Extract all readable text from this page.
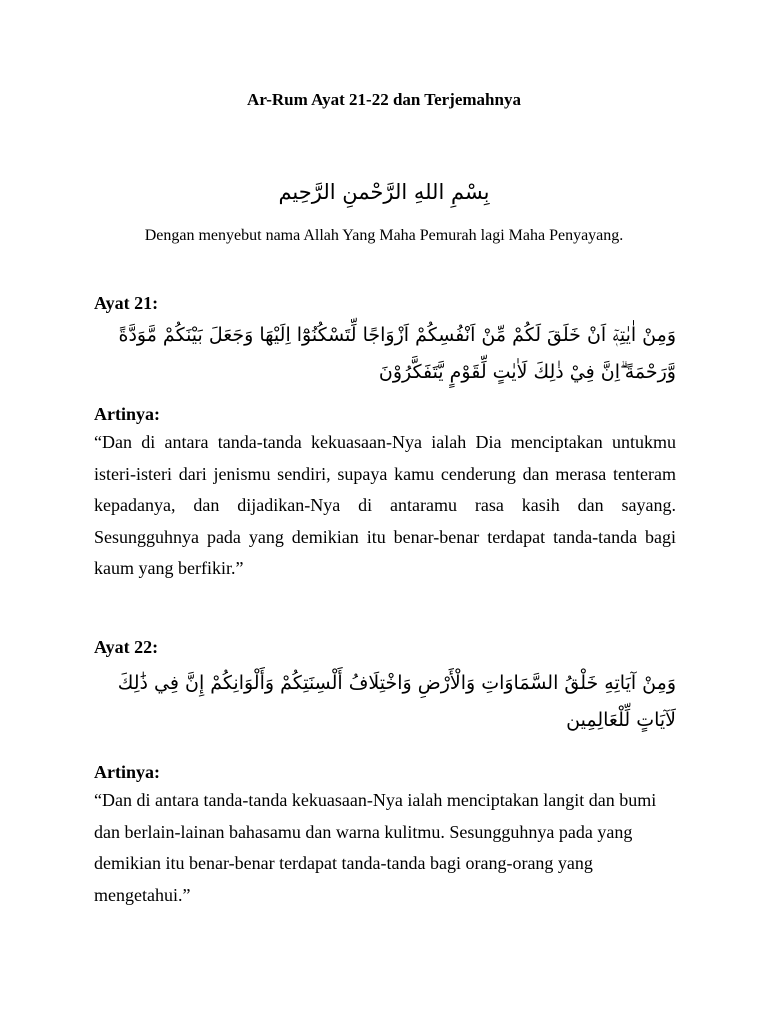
Ar-Rum Ayat 21-22 dan Terjemahnya
بِسْمِ اللهِ الرَّحْمنِ الرَّحِيم
Dengan menyebut nama Allah Yang Maha Pemurah lagi Maha Penyayang.
Ayat 21:
وَمِنْ اٰيٰتِهٖٓ اَنْ خَلَقَ لَكُمْ مِّنْ اَنْفُسِكُمْ اَزْوَاجًا لِّتَسْكُنُوْٓا اِلَيْهَا وَجَعَلَ بَيْنَكُمْ مَّوَدَّةً وَّرَحْمَةً ۗاِنَّ فِيْ ذٰلِكَ لَاٰيٰتٍ لِّقَوْمٍ يَّتَفَكَّرُوْنَ
Artinya:
“Dan di antara tanda-tanda kekuasaan-Nya ialah Dia menciptakan untukmu isteri-isteri dari jenismu sendiri, supaya kamu cenderung dan merasa tenteram kepadanya, dan dijadikan-Nya di antaramu rasa kasih dan sayang. Sesungguhnya pada yang demikian itu benar-benar terdapat tanda-tanda bagi kaum yang berfikir.”
Ayat 22:
وَمِنْ آيَاتِهِ خَلْقُ السَّمَاوَاتِ وَالْأَرْضِ وَاخْتِلَافُ أَلْسِنَتِكُمْ وَأَلْوَانِكُمْ إِنَّ فِي ذَٰلِكَ لَآيَاتٍ لِّلْعَالِمِين
Artinya:
“Dan di antara tanda-tanda kekuasaan-Nya ialah menciptakan langit dan bumi dan berlain-lainan bahasamu dan warna kulitmu. Sesungguhnya pada yang demikian itu benar-benar terdapat tanda-tanda bagi orang-orang yang mengetahui.”
